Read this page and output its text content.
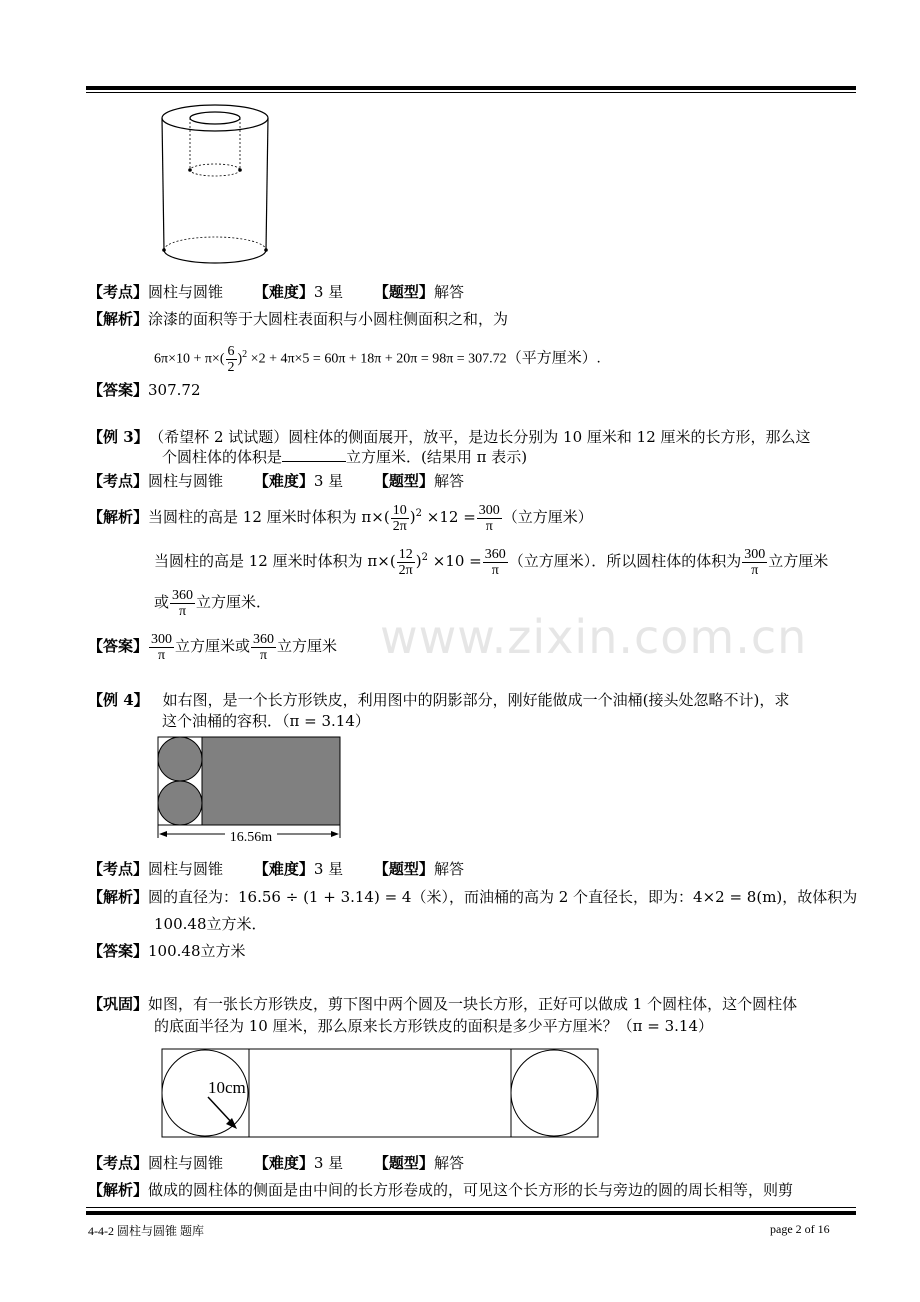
www.zixin.com.cn
【考点】圆柱与圆锥 【难度】3 星 【题型】解答
【解析】涂漆的面积等于大圆柱表面积与小圆柱侧面积之和，为
$6\pi\times 10 + \pi\times( \frac{6}{2} )^2 \times 2 + 4\pi\times 5 = 60\pi + 18\pi + 20\pi = 98\pi = 307.72$（平方厘米）.
【答案】307.72
【例 3】 （希望杯 2 试试题）圆柱体的侧面展开，放平，是边长分别为 10 厘米和 12 厘米的长方形，那么这
个圆柱体的体积是	立方厘米．(结果用 π 表示)
【考点】圆柱与圆锥 【难度】3 星 【题型】解答
【解析】当圆柱的高是 12 厘米时体积为 $\pi\times( \frac{10}{2\pi} )^2 \times 12 = \frac{300}{\pi}$ （立方厘米）
当圆柱的高是 12 厘米时体积为 $\pi\times( \frac{12}{2\pi} )^2 \times 10 = \frac{360}{\pi}$ （立方厘米）．所以圆柱体的体积为 $\frac{300}{\pi}$ 立方厘米
或 $\frac{360}{\pi}$ 立方厘米．
【答案】 $\frac{300}{\pi}$ 立方厘米或 $\frac{360}{\pi}$ 立方厘米
【例 4】 如右图，是一个长方形铁皮，利用图中的阴影部分，刚好能做成一个油桶(接头处忽略不计)，求
这个油桶的容积．（π = 3.14）
16.56m
【考点】圆柱与圆锥 【难度】3 星 【题型】解答
【解析】圆的直径为：16.56 ÷ (1 + 3.14) = 4（米），而油桶的高为 2 个直径长，即为：4×2 = 8(m)，故体积为
100.48立方米．
【答案】100.48立方米
【巩固】如图，有一张长方形铁皮，剪下图中两个圆及一块长方形，正好可以做成 1 个圆柱体，这个圆柱体
的底面半径为 10 厘米，那么原来长方形铁皮的面积是多少平方厘米？（π = 3.14）
10cm
【考点】圆柱与圆锥 【难度】3 星 【题型】解答
【解析】做成的圆柱体的侧面是由中间的长方形卷成的，可见这个长方形的长与旁边的圆的周长相等，则剪
4-4-2 圆柱与圆锥 题库	page 2 of 16
